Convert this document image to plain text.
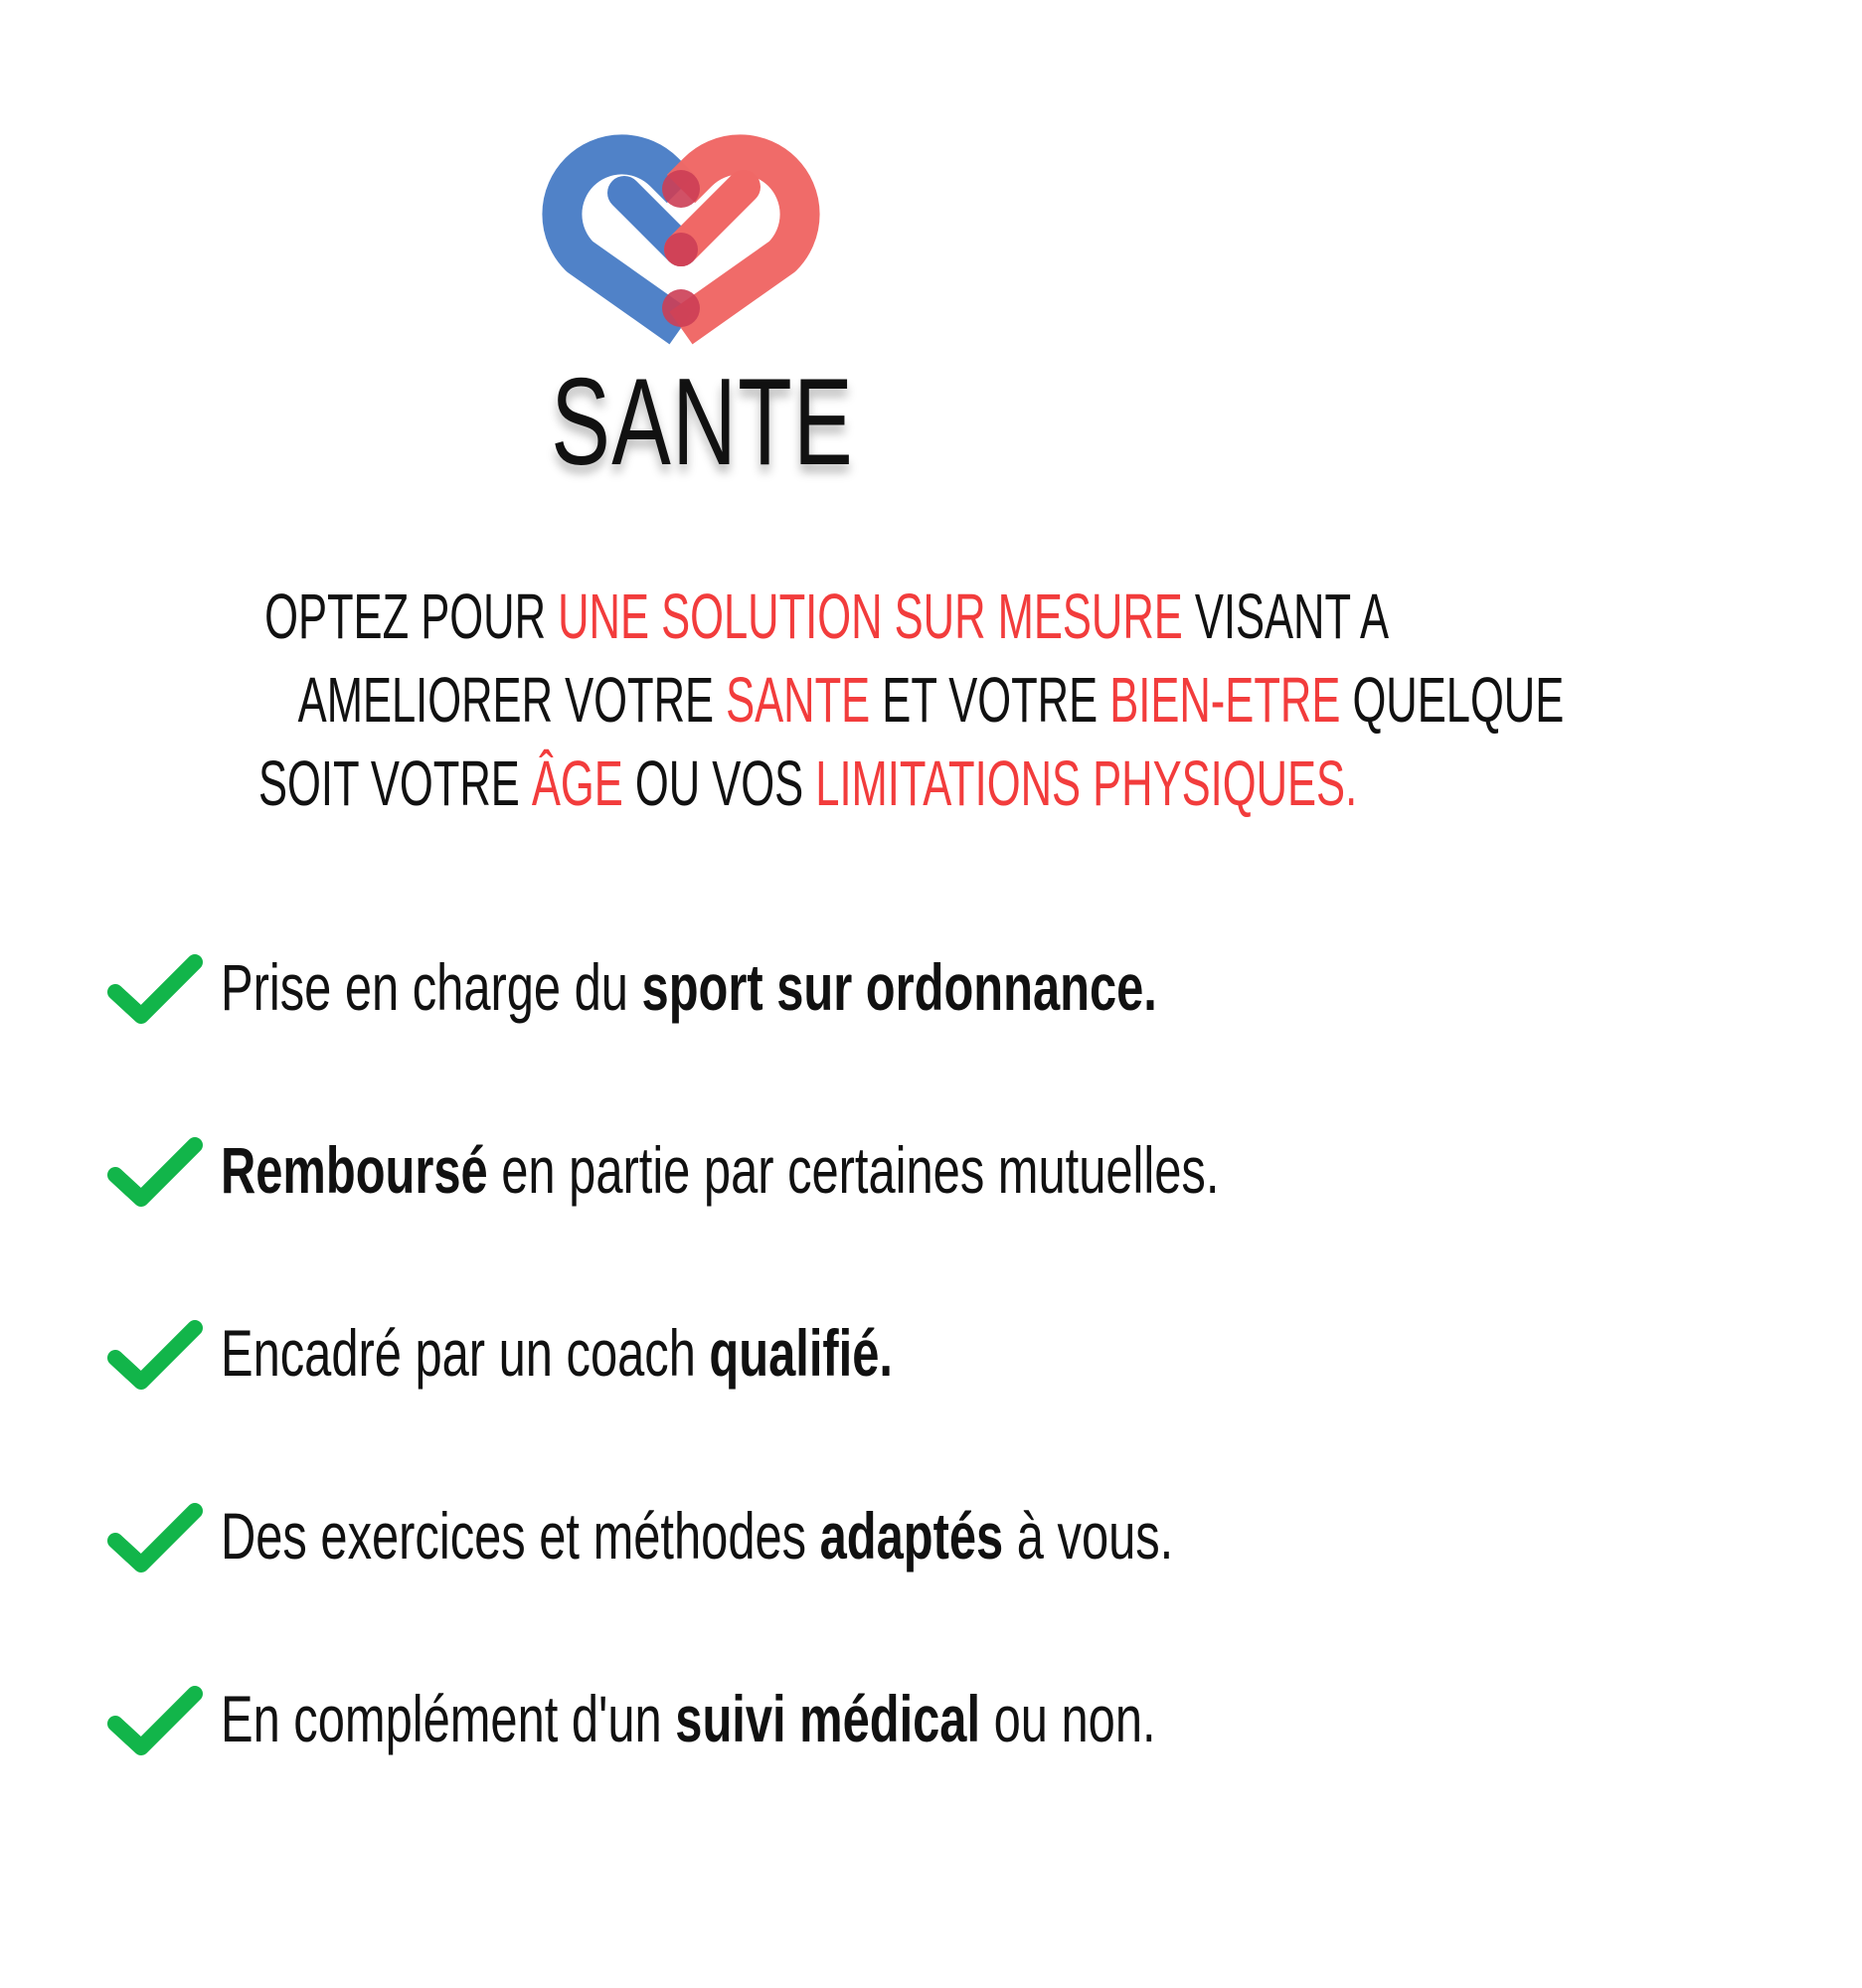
SANTE
OPTEZ POUR UNE SOLUTION SUR MESURE VISANT A
AMELIORER VOTRE SANTE ET VOTRE BIEN-ETRE QUELQUE
SOIT VOTRE ÂGE OU VOS LIMITATIONS PHYSIQUES.
Prise en charge du sport sur ordonnance.
Remboursé en partie par certaines mutuelles.
Encadré par un coach qualifié.
Des exercices et méthodes adaptés à vous.
En complément d'un suivi médical ou non.
